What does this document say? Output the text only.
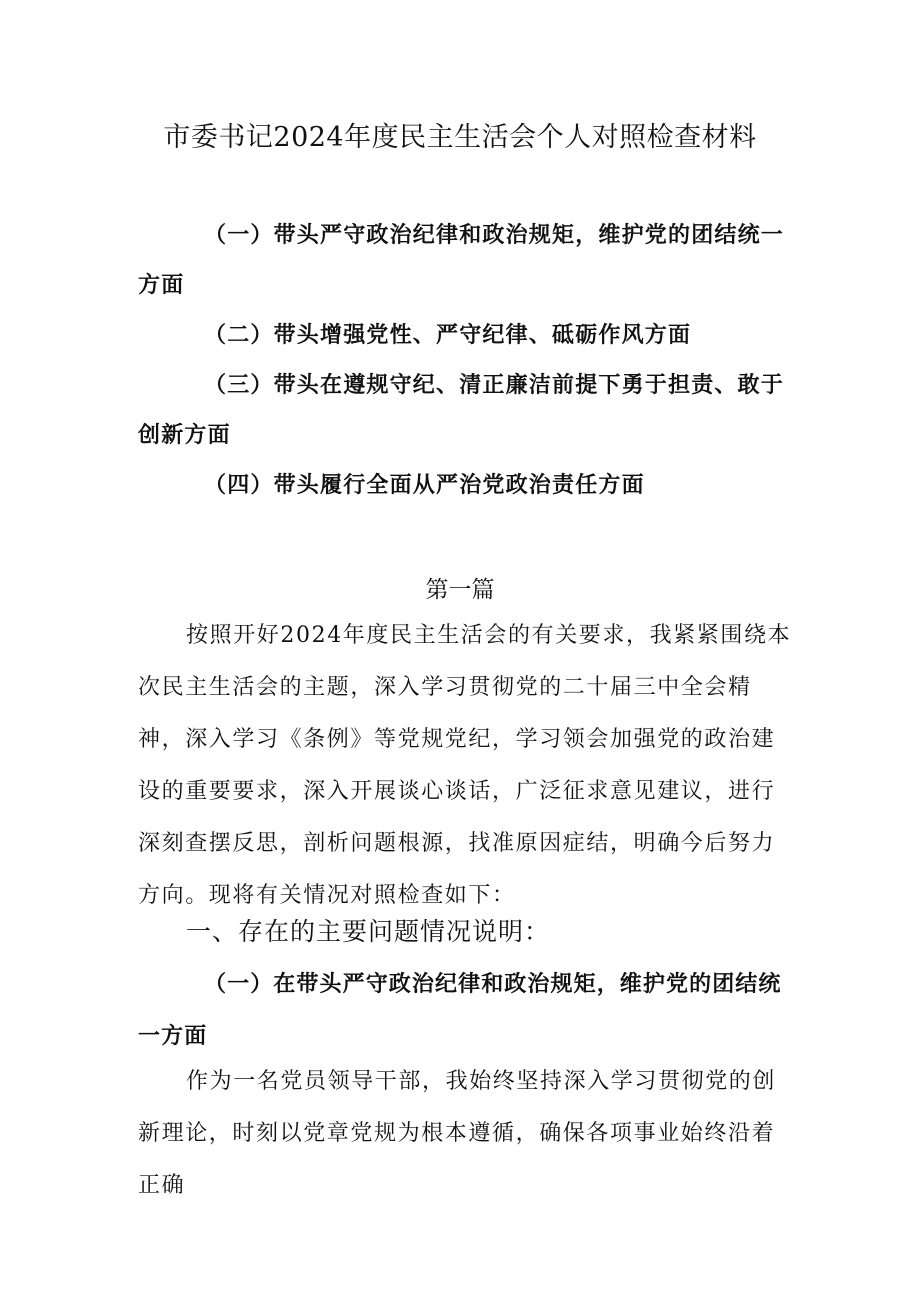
市委书记2024年度民主生活会个人对照检查材料

（一）带头严守政治纪律和政治规矩，维护党的团结统一方面

（二）带头增强党性、严守纪律、砥砺作风方面

（三）带头在遵规守纪、清正廉洁前提下勇于担责、敢于创新方面

（四）带头履行全面从严治党政治责任方面

第一篇

按照开好2024年度民主生活会的有关要求，我紧紧围绕本次民主生活会的主题，深入学习贯彻党的二十届三中全会精神，深入学习《条例》等党规党纪，学习领会加强党的政治建设的重要要求，深入开展谈心谈话，广泛征求意见建议，进行深刻查摆反思，剖析问题根源，找准原因症结，明确今后努力方向。现将有关情况对照检查如下：

一、存在的主要问题情况说明：

（一）在带头严守政治纪律和政治规矩，维护党的团结统一方面

作为一名党员领导干部，我始终坚持深入学习贯彻党的创新理论，时刻以党章党规为根本遵循，确保各项事业始终沿着正确
